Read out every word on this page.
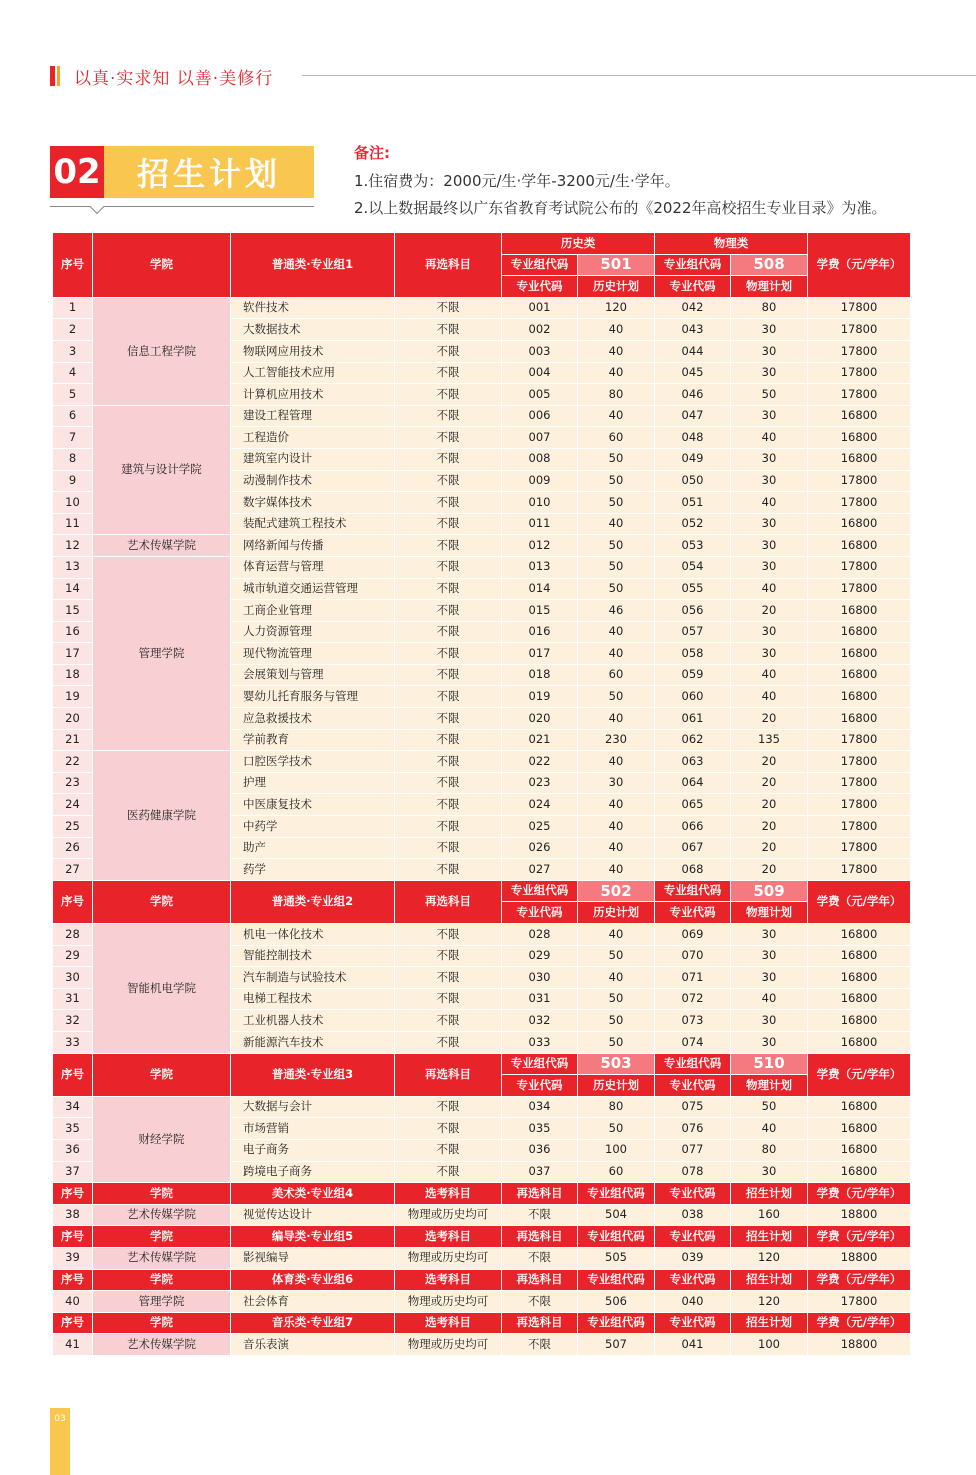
以真·实求知 以善·美修行
02	招生计划
备注:
1.住宿费为：2000元/生·学年-3200元/生·学年。
2.以上数据最终以广东省教育考试院公布的《2022年高校招生专业目录》为准。
序号	学院	普通类·专业组1	再选科目	历史类		物理类		学费（元/学年）
				专业组代码	501	专业组代码	508	
				专业代码	历史计划	专业代码	物理计划	
1	信息工程学院	软件技术	不限	001	120	042	80	17800
2		大数据技术	不限	002	40	043	30	17800
3		物联网应用技术	不限	003	40	044	30	17800
4		人工智能技术应用	不限	004	40	045	30	17800
5		计算机应用技术	不限	005	80	046	50	17800
6	建筑与设计学院	建设工程管理	不限	006	40	047	30	16800
7		工程造价	不限	007	60	048	40	16800
8		建筑室内设计	不限	008	50	049	30	16800
9		动漫制作技术	不限	009	50	050	30	17800
10		数字媒体技术	不限	010	50	051	40	17800
11		装配式建筑工程技术	不限	011	40	052	30	16800
12	艺术传媒学院	网络新闻与传播	不限	012	50	053	30	16800
13	管理学院	体育运营与管理	不限	013	50	054	30	17800
14		城市轨道交通运营管理	不限	014	50	055	40	17800
15		工商企业管理	不限	015	46	056	20	16800
16		人力资源管理	不限	016	40	057	30	16800
17		现代物流管理	不限	017	40	058	30	16800
18		会展策划与管理	不限	018	60	059	40	16800
19		婴幼儿托育服务与管理	不限	019	50	060	40	16800
20		应急救援技术	不限	020	40	061	20	16800
21		学前教育	不限	021	230	062	135	17800
22	医药健康学院	口腔医学技术	不限	022	40	063	20	17800
23		护理	不限	023	30	064	20	17800
24		中医康复技术	不限	024	40	065	20	17800
25		中药学	不限	025	40	066	20	17800
26		助产	不限	026	40	067	20	17800
27		药学	不限	027	40	068	20	17800
序号	学院	普通类·专业组2	再选科目	专业组代码	502	专业组代码	509	学费（元/学年）
				专业代码	历史计划	专业代码	物理计划	
28	智能机电学院	机电一体化技术	不限	028	40	069	30	16800
29		智能控制技术	不限	029	50	070	30	16800
30		汽车制造与试验技术	不限	030	40	071	30	16800
31		电梯工程技术	不限	031	50	072	40	16800
32		工业机器人技术	不限	032	50	073	30	16800
33		新能源汽车技术	不限	033	50	074	30	16800
序号	学院	普通类·专业组3	再选科目	专业组代码	503	专业组代码	510	学费（元/学年）
				专业代码	历史计划	专业代码	物理计划	
34	财经学院	大数据与会计	不限	034	80	075	50	16800
35		市场营销	不限	035	50	076	40	16800
36		电子商务	不限	036	100	077	80	16800
37		跨境电子商务	不限	037	60	078	30	16800
序号	学院	美术类·专业组4	选考科目	再选科目	专业组代码	专业代码	招生计划	学费（元/学年）
38	艺术传媒学院	视觉传达设计	物理或历史均可	不限	504	038	160	18800
序号	学院	编导类·专业组5	选考科目	再选科目	专业组代码	专业代码	招生计划	学费（元/学年）
39	艺术传媒学院	影视编导	物理或历史均可	不限	505	039	120	18800
序号	学院	体育类·专业组6	选考科目	再选科目	专业组代码	专业代码	招生计划	学费（元/学年）
40	管理学院	社会体育	物理或历史均可	不限	506	040	120	17800
序号	学院	音乐类·专业组7	选考科目	再选科目	专业组代码	专业代码	招生计划	学费（元/学年）
41	艺术传媒学院	音乐表演	物理或历史均可	不限	507	041	100	18800
03
